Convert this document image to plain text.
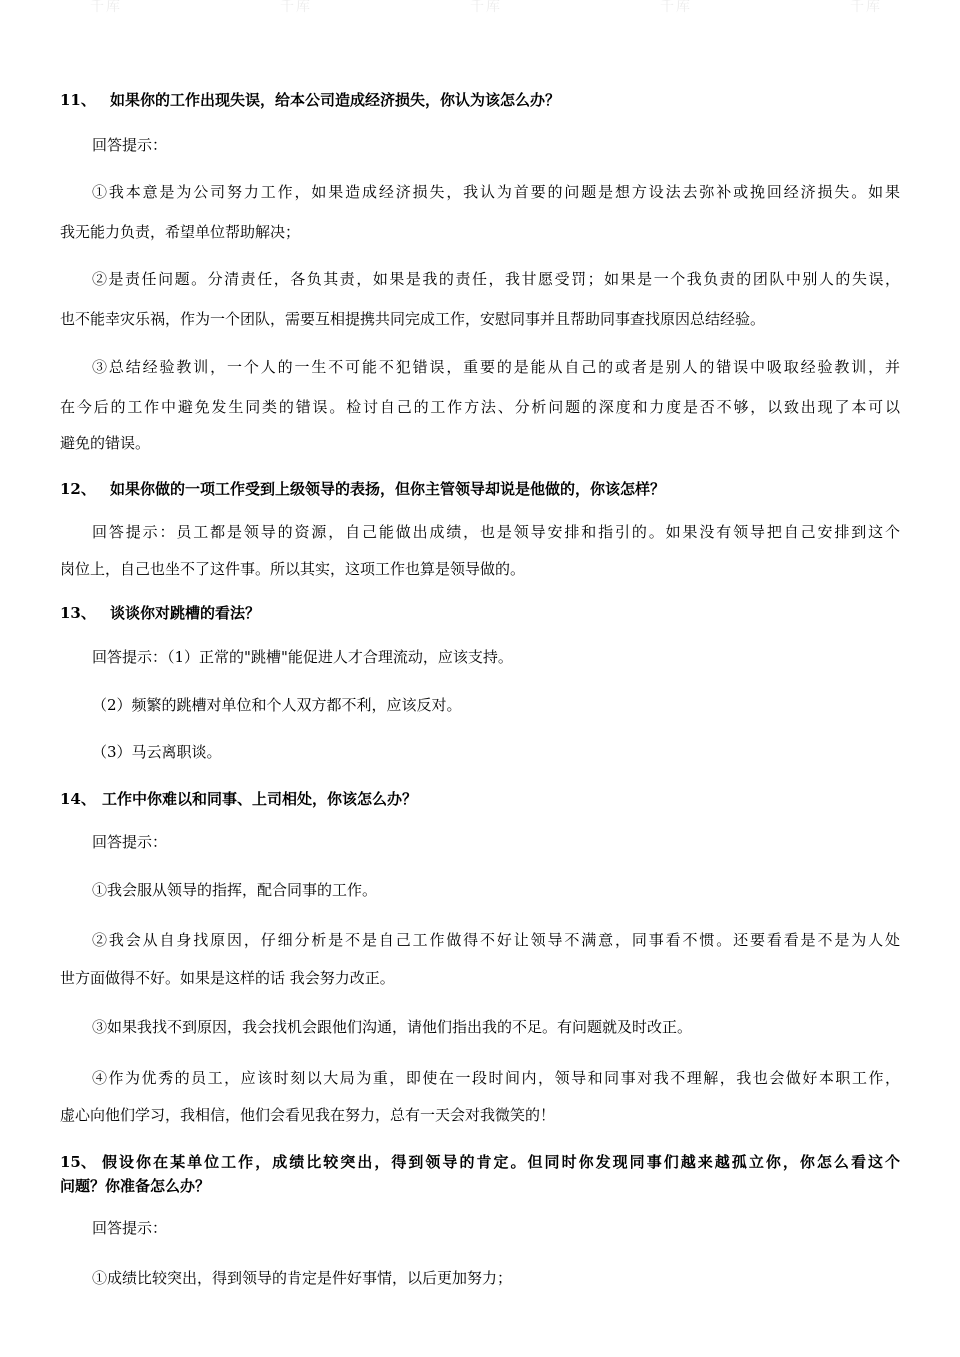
千库	千库	千库	千库	千库
11、 如果你的工作出现失误，给本公司造成经济损失，你认为该怎么办？
回答提示：
①我本意是为公司努力工作，如果造成经济损失，我认为首要的问题是想方设法去弥补或挽回经济损失。如果
我无能力负责，希望单位帮助解决；
②是责任问题。分清责任，各负其责，如果是我的责任，我甘愿受罚；如果是一个我负责的团队中别人的失误，
也不能幸灾乐祸，作为一个团队，需要互相提携共同完成工作，安慰同事并且帮助同事查找原因总结经验。
③总结经验教训，一个人的一生不可能不犯错误，重要的是能从自己的或者是别人的错误中吸取经验教训，并
在今后的工作中避免发生同类的错误。检讨自己的工作方法、分析问题的深度和力度是否不够，以致出现了本可以
避免的错误。
12、 如果你做的一项工作受到上级领导的表扬，但你主管领导却说是他做的，你该怎样？
回答提示：员工都是领导的资源，自己能做出成绩，也是领导安排和指引的。如果没有领导把自己安排到这个
岗位上，自己也坐不了这件事。所以其实，这项工作也算是领导做的。
13、 谈谈你对跳槽的看法？
回答提示：（1）正常的"跳槽"能促进人才合理流动，应该支持。
（2）频繁的跳槽对单位和个人双方都不利，应该反对。
（3）马云离职谈。
14、 工作中你难以和同事、上司相处，你该怎么办？
回答提示：
①我会服从领导的指挥，配合同事的工作。
②我会从自身找原因，仔细分析是不是自己工作做得不好让领导不满意，同事看不惯。还要看看是不是为人处
世方面做得不好。如果是这样的话 我会努力改正。
③如果我找不到原因，我会找机会跟他们沟通，请他们指出我的不足。有问题就及时改正。
④作为优秀的员工，应该时刻以大局为重，即使在一段时间内，领导和同事对我不理解，我也会做好本职工作，
虚心向他们学习，我相信，他们会看见我在努力，总有一天会对我微笑的！
15、 假设你在某单位工作，成绩比较突出，得到领导的肯定。但同时你发现同事们越来越孤立你，你怎么看这个
问题？你准备怎么办？
回答提示：
①成绩比较突出，得到领导的肯定是件好事情，以后更加努力；
